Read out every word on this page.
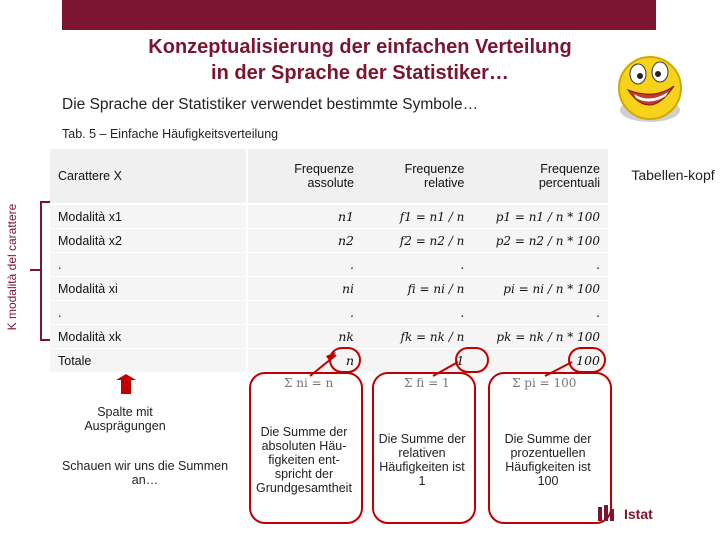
Konzeptualisierung der einfachen Verteilung
in der Sprache der Statistiker…
Die Sprache der Statistiker verwendet bestimmte Symbole…
Tab. 5 – Einfache Häufigkeitsverteilung
K modalità del carattere
Tabellen-kopf
Carattere X	Frequenze assolute	Frequenze relative	Frequenze percentuali
Modalità x1	n1	f1 = n1 / n	p1 = n1 / n * 100
Modalità x2	n2	f2 = n2 / n	p2 = n2 / n * 100
.	.	.	.
Modalità xi	ni	fi = ni / n	pi = ni / n * 100
.	.	.	.
Modalità xk	nk	fk = nk / n	pk = nk / n * 100
Totale	n	1	100
Σ ni = n	Σ fi = 1	Σ pi = 100
Spalte mit Ausprägungen
Schauen wir uns die Summen an…
Die Summe der absoluten Häu-figkeiten ent-spricht der Grundgesamtheit
Die Summe der relativen Häufigkeiten ist 1
Die Summe der prozentuellen Häufigkeiten ist 100
Istat
